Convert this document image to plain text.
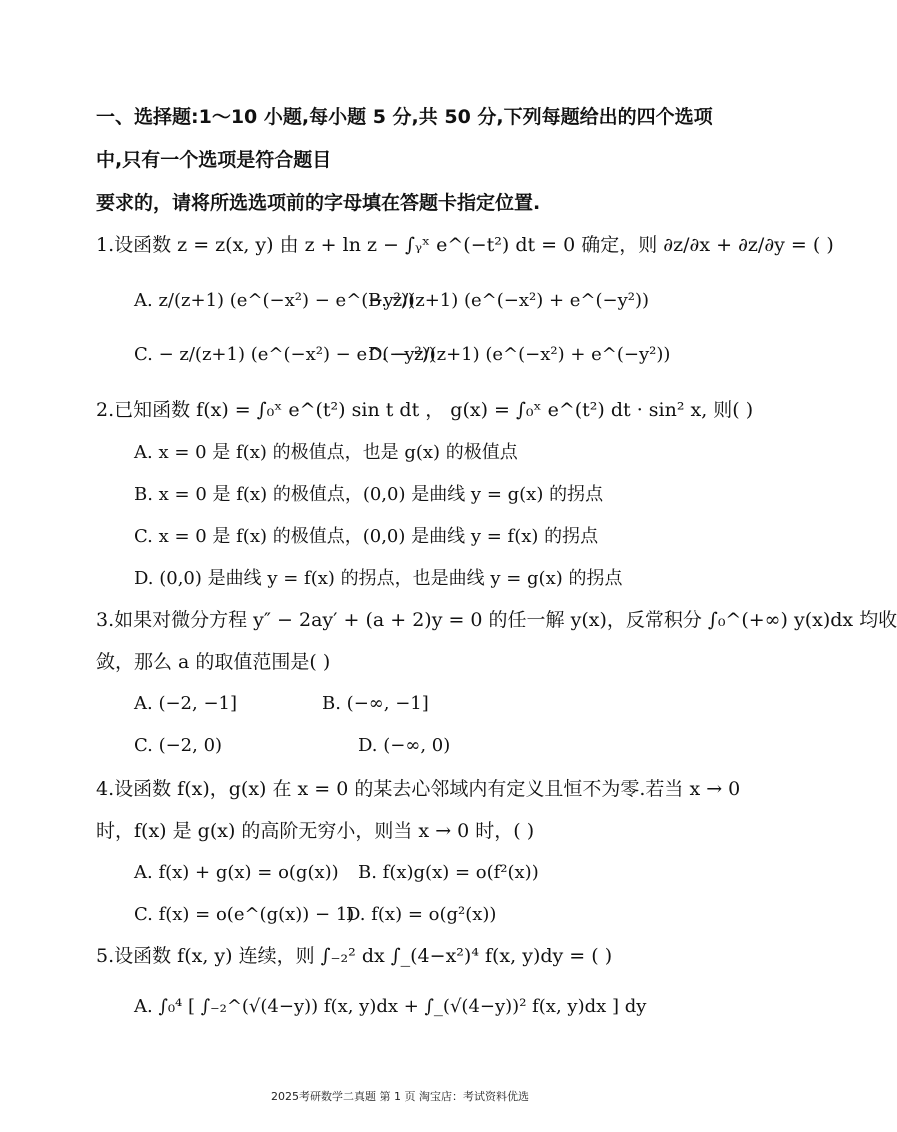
一、选择题:1～10 小题,每小题 5 分,共 50 分,下列每题给出的四个选项
中,只有一个选项是符合题目
要求的，请将所选选项前的字母填在答题卡指定位置.
1.设函数 z = z(x, y) 由 z + ln z − ∫ᵧˣ e^(−t²) dt = 0 确定，则 ∂z/∂x + ∂z/∂y = ( )
A. z/(z+1) (e^(−x²) − e^(−y²))
B. z/(z+1) (e^(−x²) + e^(−y²))
C. − z/(z+1) (e^(−x²) − e^(−y²))
D. − z/(z+1) (e^(−x²) + e^(−y²))
2.已知函数 f(x) = ∫₀ˣ e^(t²) sin t dt ， g(x) = ∫₀ˣ e^(t²) dt · sin² x, 则( )
A. x = 0 是 f(x) 的极值点，也是 g(x) 的极值点
B. x = 0 是 f(x) 的极值点，(0,0) 是曲线 y = g(x) 的拐点
C. x = 0 是 f(x) 的极值点，(0,0) 是曲线 y = f(x) 的拐点
D. (0,0) 是曲线 y = f(x) 的拐点，也是曲线 y = g(x) 的拐点
3.如果对微分方程 y″ − 2ay′ + (a + 2)y = 0 的任一解 y(x)，反常积分 ∫₀^(+∞) y(x)dx 均收
敛，那么 a 的取值范围是( )
A. (−2, −1]	B. (−∞, −1]
C. (−2, 0)	D. (−∞, 0)
4.设函数 f(x)，g(x) 在 x = 0 的某去心邻域内有定义且恒不为零.若当 x → 0
时，f(x) 是 g(x) 的高阶无穷小，则当 x → 0 时，( )
A. f(x) + g(x) = o(g(x)) B. f(x)g(x) = o(f²(x))
C. f(x) = o(e^(g(x)) − 1)
D. f(x) = o(g²(x))
5.设函数 f(x, y) 连续，则 ∫₋₂² dx ∫_(4−x²)⁴ f(x, y)dy = ( )
A. ∫₀⁴ [ ∫₋₂^(√(4−y)) f(x, y)dx + ∫_(√(4−y))² f(x, y)dx ] dy
2025考研数学二真题 第 1 页 淘宝店：考试资料优选
